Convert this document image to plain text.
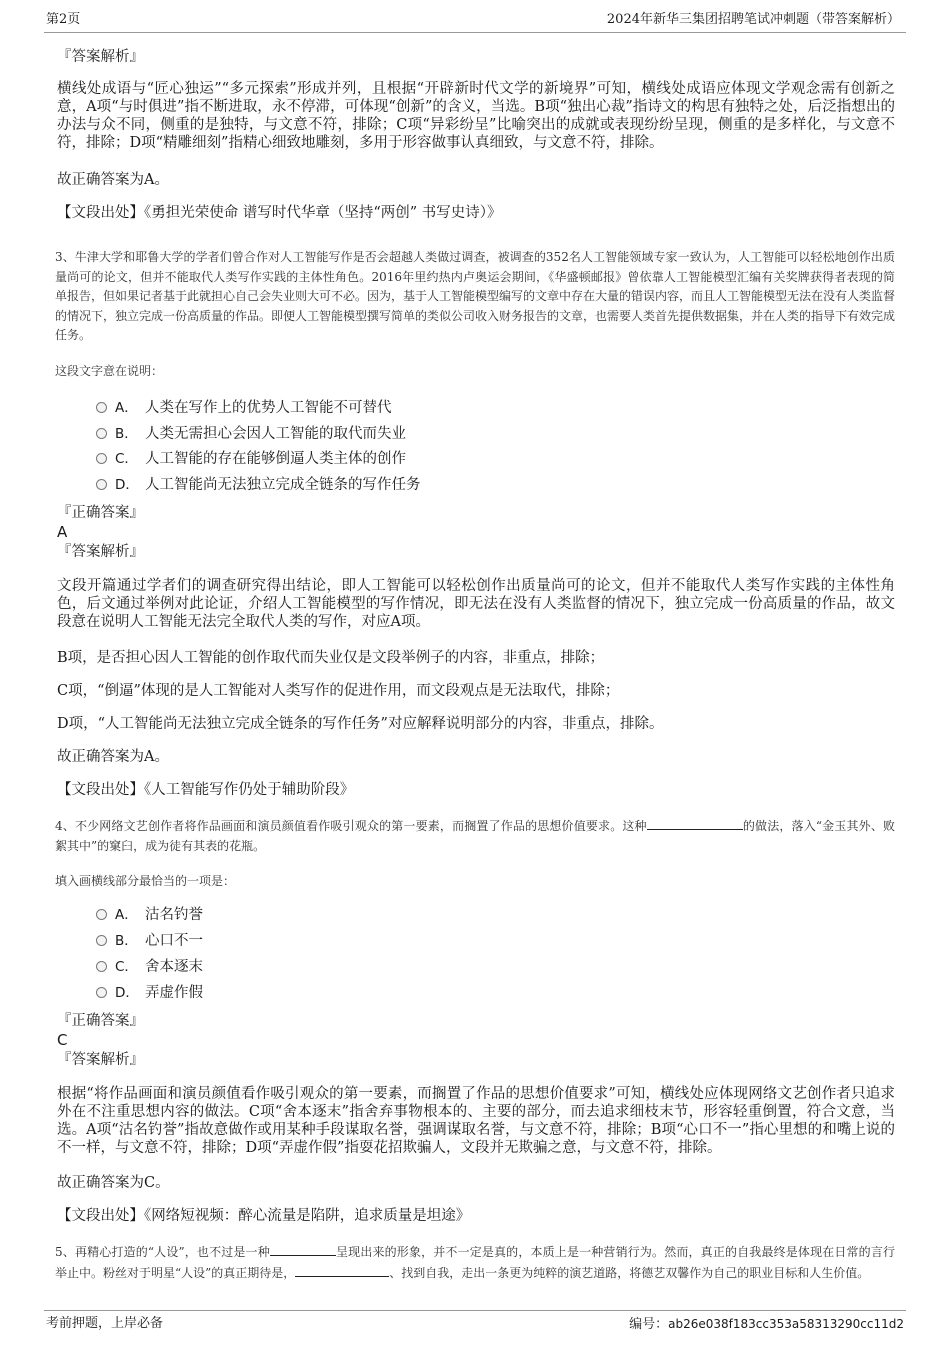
第2页	2024年新华三集团招聘笔试冲刺题（带答案解析）
『答案解析』
横线处成语与“匠心独运”“多元探索”形成并列，且根据“开辟新时代文学的新境界”可知，横线处成语应体现文学观念需有创新之意，A项“与时俱进”指不断进取，永不停滞，可体现“创新”的含义，当选。B项“独出心裁”指诗文的构思有独特之处，后泛指想出的办法与众不同，侧重的是独特，与文意不符，排除；C项“异彩纷呈”比喻突出的成就或表现纷纷呈现，侧重的是多样化，与文意不符，排除；D项“精雕细刻”指精心细致地雕刻，多用于形容做事认真细致，与文意不符，排除。
故正确答案为A。
【文段出处】《勇担光荣使命 谱写时代华章（坚持“两创” 书写史诗）》
3、牛津大学和耶鲁大学的学者们曾合作对人工智能写作是否会超越人类做过调查，被调查的352名人工智能领域专家一致认为，人工智能可以轻松地创作出质量尚可的论文，但并不能取代人类写作实践的主体性角色。2016年里约热内卢奥运会期间，《华盛顿邮报》曾依靠人工智能模型汇编有关奖牌获得者表现的简单报告，但如果记者基于此就担心自己会失业则大可不必。因为，基于人工智能模型编写的文章中存在大量的错误内容，而且人工智能模型无法在没有人类监督的情况下，独立完成一份高质量的作品。即便人工智能模型撰写简单的类似公司收入财务报告的文章，也需要人类首先提供数据集，并在人类的指导下有效完成任务。
这段文字意在说明：
A． 人类在写作上的优势人工智能不可替代
B． 人类无需担心会因人工智能的取代而失业
C． 人工智能的存在能够倒逼人类主体的创作
D． 人工智能尚无法独立完成全链条的写作任务
『正确答案』
A
『答案解析』
文段开篇通过学者们的调查研究得出结论，即人工智能可以轻松创作出质量尚可的论文，但并不能取代人类写作实践的主体性角色，后文通过举例对此论证，介绍人工智能模型的写作情况，即无法在没有人类监督的情况下，独立完成一份高质量的作品，故文段意在说明人工智能无法完全取代人类的写作，对应A项。
B项，是否担心因人工智能的创作取代而失业仅是文段举例子的内容，非重点，排除；
C项，“倒逼”体现的是人工智能对人类写作的促进作用，而文段观点是无法取代，排除；
D项，“人工智能尚无法独立完成全链条的写作任务”对应解释说明部分的内容，非重点，排除。
故正确答案为A。
【文段出处】《人工智能写作仍处于辅助阶段》
4、不少网络文艺创作者将作品画面和演员颜值看作吸引观众的第一要素，而搁置了作品的思想价值要求。这种	的做法，落入“金玉其外、败絮其中”的窠臼，成为徒有其表的花瓶。
填入画横线部分最恰当的一项是：
A． 沽名钓誉
B． 心口不一
C． 舍本逐末
D． 弄虚作假
『正确答案』
C
『答案解析』
根据“将作品画面和演员颜值看作吸引观众的第一要素，而搁置了作品的思想价值要求”可知，横线处应体现网络文艺创作者只追求外在不注重思想内容的做法。C项“舍本逐末”指舍弃事物根本的、主要的部分，而去追求细枝末节，形容轻重倒置，符合文意，当选。A项“沽名钓誉”指故意做作或用某种手段谋取名誉，强调谋取名誉，与文意不符，排除；B项“心口不一”指心里想的和嘴上说的不一样，与文意不符，排除；D项“弄虚作假”指耍花招欺骗人，文段并无欺骗之意，与文意不符，排除。
故正确答案为C。
【文段出处】《网络短视频：醉心流量是陷阱，追求质量是坦途》
5、再精心打造的“人设”，也不过是一种	呈现出来的形象，并不一定是真的，本质上是一种营销行为。然而，真正的自我最终是体现在日常的言行举止中。粉丝对于明星“人设”的真正期待是，	、找到自我，走出一条更为纯粹的演艺道路，将德艺双馨作为自己的职业目标和人生价值。
考前押题，上岸必备	编号：ab26e038f183cc353a58313290cc11d2
